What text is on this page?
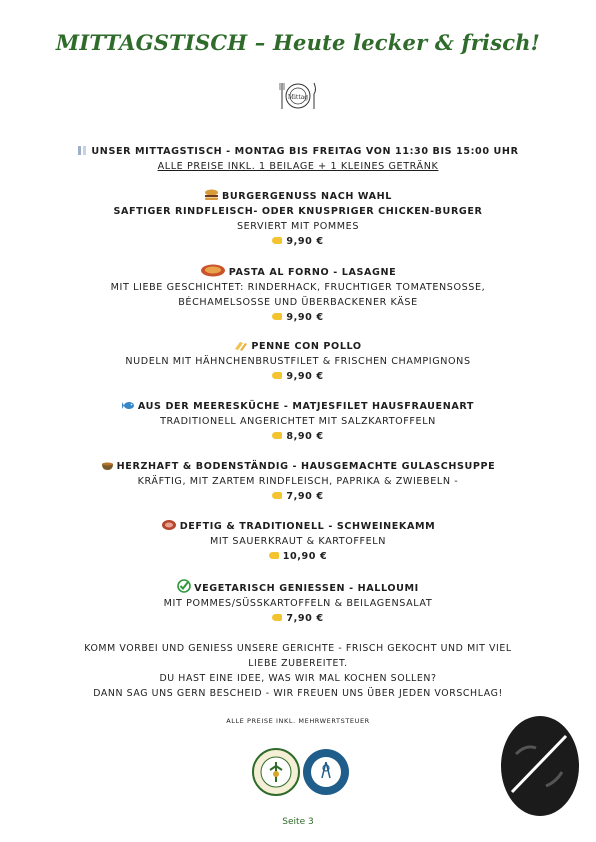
MITTAGSTISCH – Heute lecker & frisch!
Mittag
UNSER MITTAGSTISCH - MONTAG BIS FREITAG VON 11:30 BIS 15:00 UHR
ALLE PREISE INKL. 1 BEILAGE + 1 KLEINES GETRÄNK
BURGERGENUSS NACH WAHL
SAFTIGER RINDFLEISCH- ODER KNUSPRIGER CHICKEN-BURGER
SERVIERT MIT POMMES
9,90 €
PASTA AL FORNO - LASAGNE
MIT LIEBE GESCHICHTET: RINDERHACK, FRUCHTIGER TOMATENSOSSE,
BÉCHAMELSOSSE UND ÜBERBACKENER KÄSE
9,90 €
PENNE CON POLLO
NUDELN MIT HÄHNCHENBRUSTFILET & FRISCHEN CHAMPIGNONS
9,90 €
AUS DER MEERESKÜCHE - MATJESFILET HAUSFRAUENART
TRADITIONELL ANGERICHTET MIT SALZKARTOFFELN
8,90 €
HERZHAFT & BODENSTÄNDIG - HAUSGEMACHTE GULASCHSUPPE
KRÄFTIG, MIT ZARTEM RINDFLEISCH, PAPRIKA & ZWIEBELN -
7,90 €
DEFTIG & TRADITIONELL - SCHWEINEKAMM
MIT SAUERKRAUT & KARTOFFELN
10,90 €
VEGETARISCH GENIESSEN - HALLOUMI
MIT POMMES/SÜSSKARTOFFELN & BEILAGENSALAT
7,90 €
KOMM VORBEI UND GENIESS UNSERE GERICHTE - FRISCH GEKOCHT UND MIT VIEL
LIEBE ZUBEREITET.
DU HAST EINE IDEE, WAS WIR MAL KOCHEN SOLLEN?
DANN SAG UNS GERN BESCHEID - WIR FREUEN UNS ÜBER JEDEN VORSCHLAG!
ALLE PREISE INKL. MEHRWERTSTEUER
Seite 3
